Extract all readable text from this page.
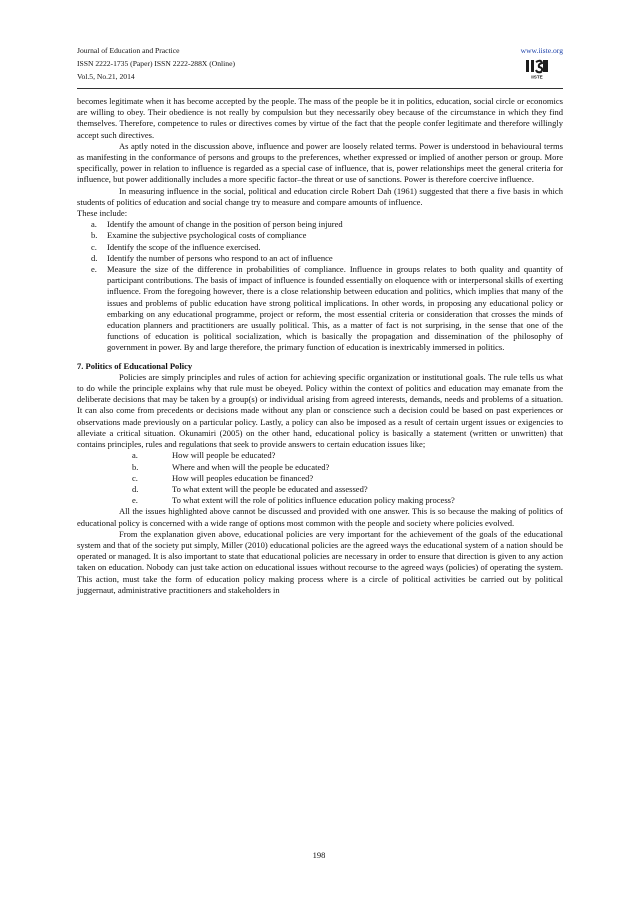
Journal of Education and Practice
ISSN 2222-1735 (Paper) ISSN 2222-288X (Online)
Vol.5, No.21, 2014
www.iiste.org
IISTE

becomes legitimate when it has become accepted by the people. The mass of the people be it in politics, education, social circle or economics are willing to obey. Their obedience is not really by compulsion but they necessarily obey because of the circumstance in which they find themselves. Therefore, competence to rules or directives comes by virtue of the fact that the people confer legitimate and therefore willingly accept such directives.

As aptly noted in the discussion above, influence and power are loosely related terms. Power is understood in behavioural terms as manifesting in the conformance of persons and groups to the preferences, whether expressed or implied of another person or group. More specifically, power in relation to influence is regarded as a special case of influence, that is, power relationships meet the general criteria for influence, but power additionally includes a more specific factor–the threat or use of sanctions. Power is therefore coercive influence.

In measuring influence in the social, political and education circle Robert Dah (1961) suggested that there a five basis in which students of politics of education and social change try to measure and compare amounts of influence.

These include:

a. Identify the amount of change in the position of person being injured
b. Examine the subjective psychological costs of compliance
c. Identify the scope of the influence exercised.
d. Identify the number of persons who respond to an act of influence
e. Measure the size of the difference in probabilities of compliance. Influence in groups relates to both quality and quantity of participant contributions. The basis of impact of influence is founded essentially on eloquence with or interpersonal skills of exerting influence. From the foregoing however, there is a close relationship between education and politics, which implies that many of the issues and problems of public education have strong political implications. In other words, in proposing any educational policy or embarking on any educational programme, project or reform, the most essential criteria or consideration that crosses the minds of education planners and practitioners are usually political. This, as a matter of fact is not surprising, in the sense that one of the functions of education is political socialization, which is basically the propagation and dissemination of the philosophy of government in power. By and large therefore, the primary function of education is inextricably immersed in politics.

7. Politics of Educational Policy

Policies are simply principles and rules of action for achieving specific organization or institutional goals. The rule tells us what to do while the principle explains why that rule must be obeyed. Policy within the context of politics and education may emanate from the deliberate decisions that may be taken by a group(s) or individual arising from agreed interests, demands, needs and problems of a situation. It can also come from precedents or decisions made without any plan or conscience such a decision could be based on past experiences or observations made previously on a particular policy. Lastly, a policy can also be imposed as a result of certain urgent issues or exigencies to alleviate a critical situation. Okunamiri (2005) on the other hand, educational policy is basically a statement (written or unwritten) that contains principles, rules and regulations that seek to provide answers to certain education issues like;

a.	How will people be educated?
b.	Where and when will the people be educated?
c.	How will peoples education be financed?
d.	To what extent will the people be educated and assessed?
e.	To what extent will the role of politics influence education policy making process?

All the issues highlighted above cannot be discussed and provided with one answer. This is so because the making of politics of educational policy is concerned with a wide range of options most common with the people and society where policies evolved.

From the explanation given above, educational policies are very important for the achievement of the goals of the educational system and that of the society put simply, Miller (2010) educational policies are the agreed ways the educational system of a nation should be operated or managed. It is also important to state that educational policies are necessary in order to ensure that direction is given to any action taken on education. Nobody can just take action on educational issues without recourse to the agreed ways (policies) of operating the system. This action, must take the form of education policy making process where is a circle of political activities be carried out by political juggernaut, administrative practitioners and stakeholders in

198
